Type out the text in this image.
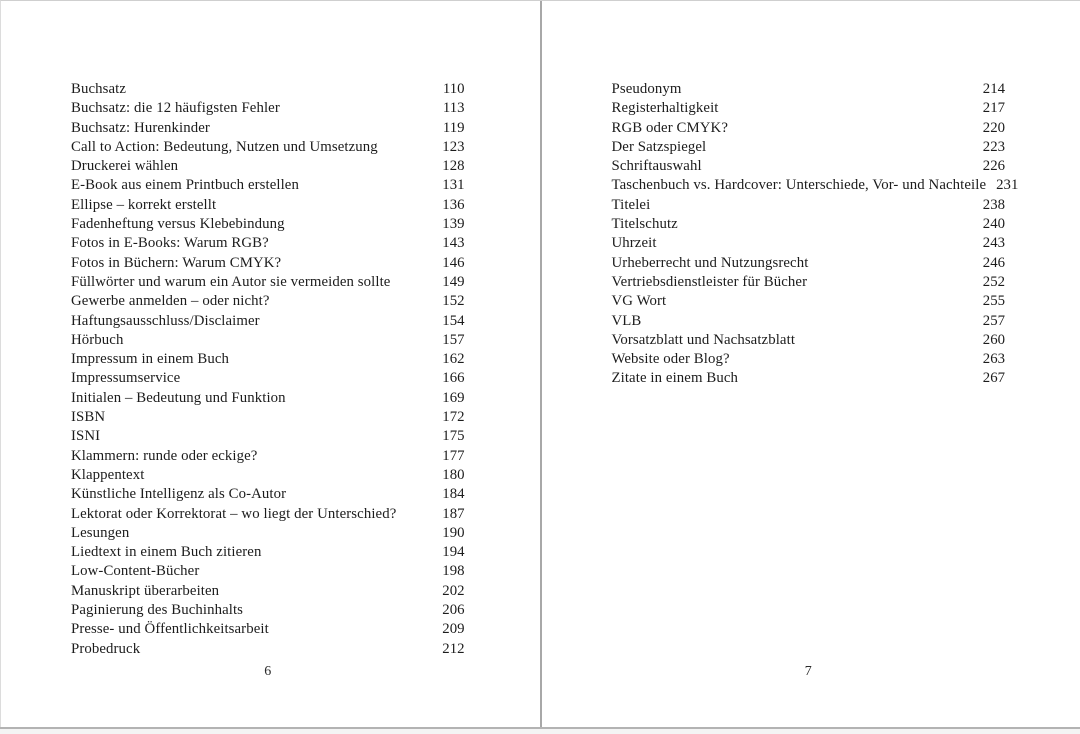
Buchsatz	110
Buchsatz: die 12 häufigsten Fehler	113
Buchsatz: Hurenkinder	119
Call to Action: Bedeutung, Nutzen und Umsetzung	123
Druckerei wählen	128
E-Book aus einem Printbuch erstellen	131
Ellipse – korrekt erstellt	136
Fadenheftung versus Klebebindung	139
Fotos in E-Books: Warum RGB?	143
Fotos in Büchern: Warum CMYK?	146
Füllwörter und warum ein Autor sie vermeiden sollte	149
Gewerbe anmelden – oder nicht?	152
Haftungsausschluss/Disclaimer	154
Hörbuch	157
Impressum in einem Buch	162
Impressumservice	166
Initialen – Bedeutung und Funktion	169
ISBN	172
ISNI	175
Klammern: runde oder eckige?	177
Klappentext	180
Künstliche Intelligenz als Co-Autor	184
Lektorat oder Korrektorat – wo liegt der Unterschied?	187
Lesungen	190
Liedtext in einem Buch zitieren	194
Low-Content-Bücher	198
Manuskript überarbeiten	202
Paginierung des Buchinhalts	206
Presse- und Öffentlichkeitsarbeit	209
Probedruck	212
6
Pseudonym	214
Registerhaltigkeit	217
RGB oder CMYK?	220
Der Satzspiegel	223
Schriftauswahl	226
Taschenbuch vs. Hardcover: Unterschiede, Vor- und Nachteile 231
Titelei	238
Titelschutz	240
Uhrzeit	243
Urheberrecht und Nutzungsrecht	246
Vertriebsdienstleister für Bücher	252
VG Wort	255
VLB	257
Vorsatzblatt und Nachsatzblatt	260
Website oder Blog?	263
Zitate in einem Buch	267
7
